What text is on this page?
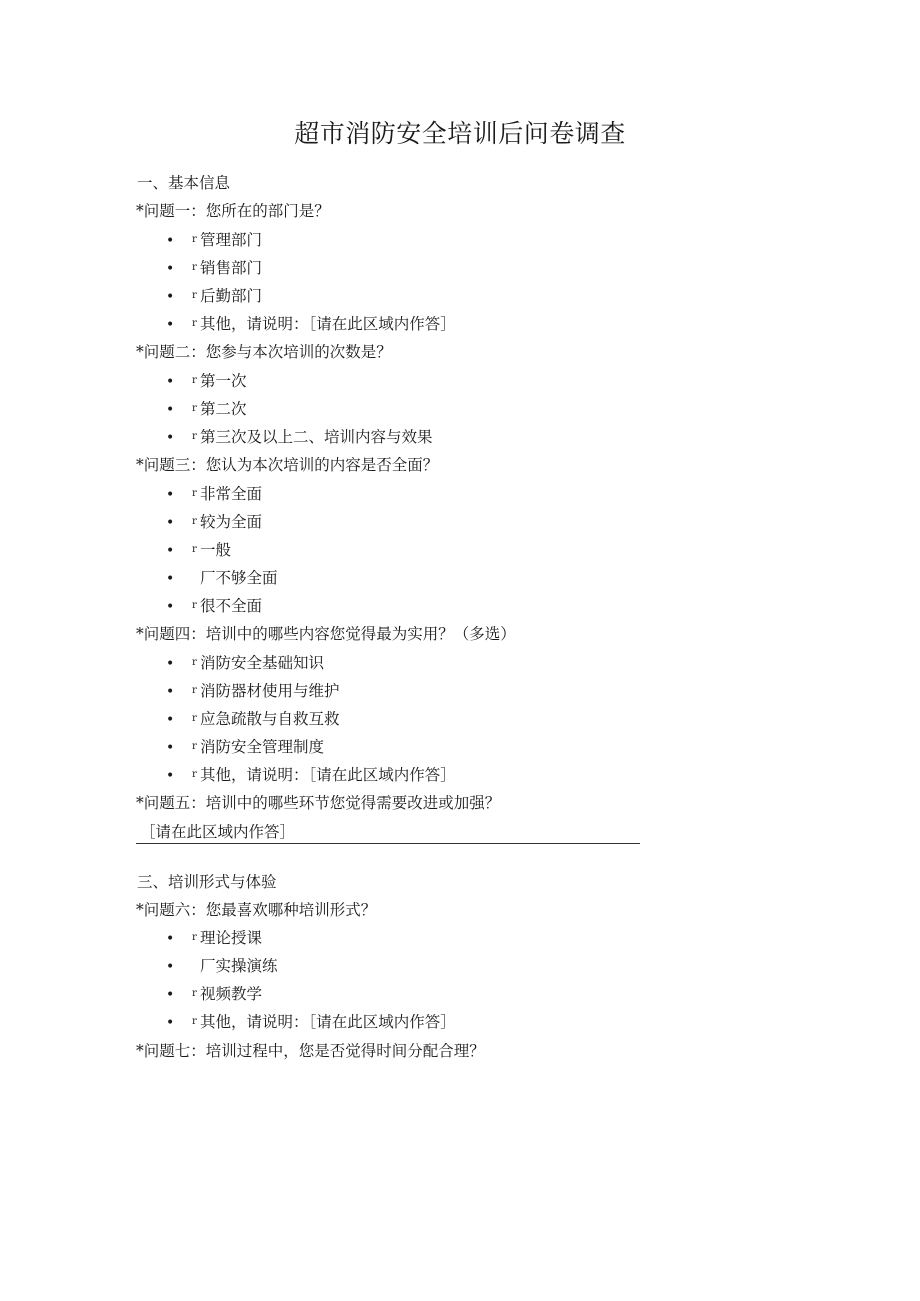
超市消防安全培训后问卷调查
一、基本信息
*问题一：您所在的部门是？
• r 管理部门
• r 销售部门
• r 后勤部门
• r 其他，请说明：［请在此区域内作答］
*问题二：您参与本次培训的次数是？
• r 第一次
• r 第二次
• r 第三次及以上二、培训内容与效果
*问题三：您认为本次培训的内容是否全面？
• r 非常全面
• r 较为全面
• r 一般
• 厂不够全面
• r 很不全面
*问题四：培训中的哪些内容您觉得最为实用？（多选）
• r 消防安全基础知识
• r 消防器材使用与维护
• r 应急疏散与自救互救
• r 消防安全管理制度
• r 其他，请说明：［请在此区域内作答］
*问题五：培训中的哪些环节您觉得需要改进或加强？
［请在此区域内作答］
三、培训形式与体验
*问题六：您最喜欢哪种培训形式？
• r 理论授课
• 厂实操演练
• r 视频教学
• r 其他，请说明：［请在此区域内作答］
*问题七：培训过程中，您是否觉得时间分配合理？
